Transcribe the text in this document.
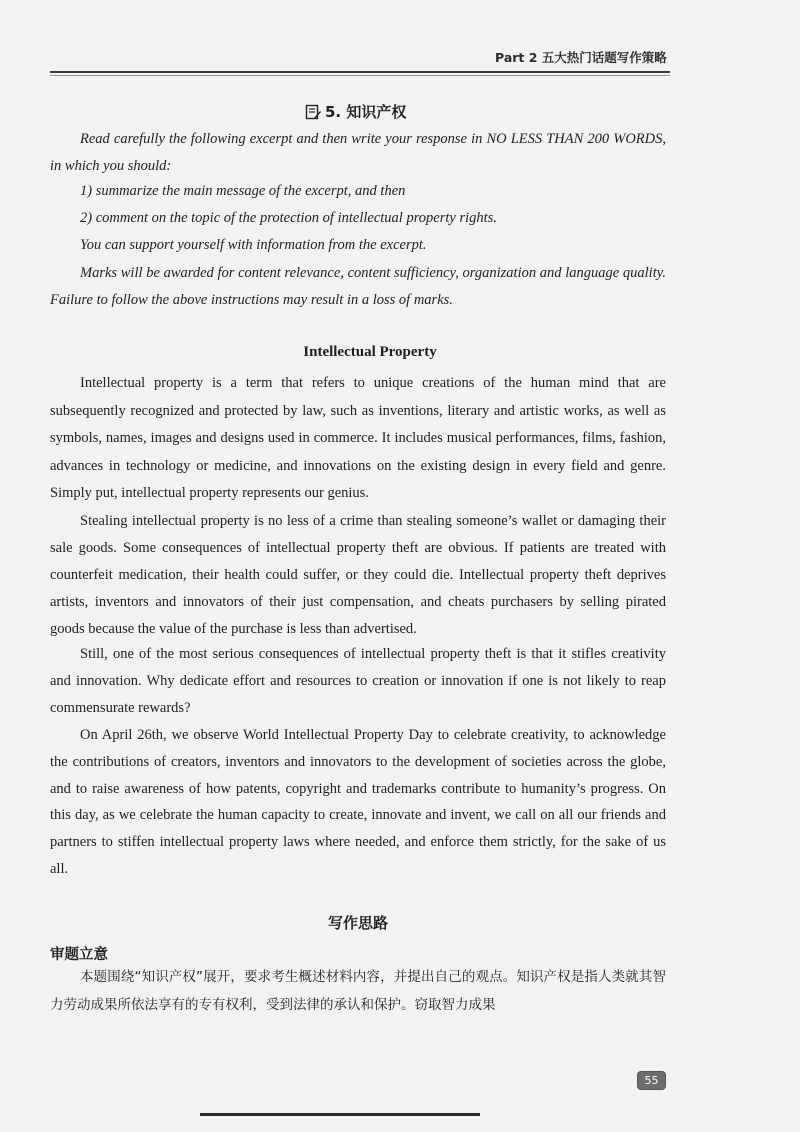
Part 2 五大热门话题写作策略
5. 知识产权
Read carefully the following excerpt and then write your response in NO LESS THAN 200 WORDS, in which you should:
1) summarize the main message of the excerpt, and then
2) comment on the topic of the protection of intellectual property rights.
You can support yourself with information from the excerpt.
Marks will be awarded for content relevance, content sufficiency, organization and language quality. Failure to follow the above instructions may result in a loss of marks.
Intellectual Property
Intellectual property is a term that refers to unique creations of the human mind that are subsequently recognized and protected by law, such as inventions, literary and artistic works, as well as symbols, names, images and designs used in commerce. It includes musical performances, films, fashion, advances in technology or medicine, and innovations on the existing design in every field and genre. Simply put, intellectual property represents our genius.
Stealing intellectual property is no less of a crime than stealing someone’s wallet or damaging their sale goods. Some consequences of intellectual property theft are obvious. If patients are treated with counterfeit medication, their health could suffer, or they could die. Intellectual property theft deprives artists, inventors and innovators of their just compensation, and cheats purchasers by selling pirated goods because the value of the purchase is less than advertised.
Still, one of the most serious consequences of intellectual property theft is that it stifles creativity and innovation. Why dedicate effort and resources to creation or innovation if one is not likely to reap commensurate rewards?
On April 26th, we observe World Intellectual Property Day to celebrate creativity, to acknowledge the contributions of creators, inventors and innovators to the development of societies across the globe, and to raise awareness of how patents, copyright and trademarks contribute to humanity’s progress. On this day, as we celebrate the human capacity to create, innovate and invent, we call on all our friends and partners to stiffen intellectual property laws where needed, and enforce them strictly, for the sake of us all.
写作思路
审题立意
本题围绕“知识产权”展开，要求考生概述材料内容，并提出自己的观点。知识产权是指人类就其智力劳动成果所依法享有的专有权利，受到法律的承认和保护。窃取智力成果
55
